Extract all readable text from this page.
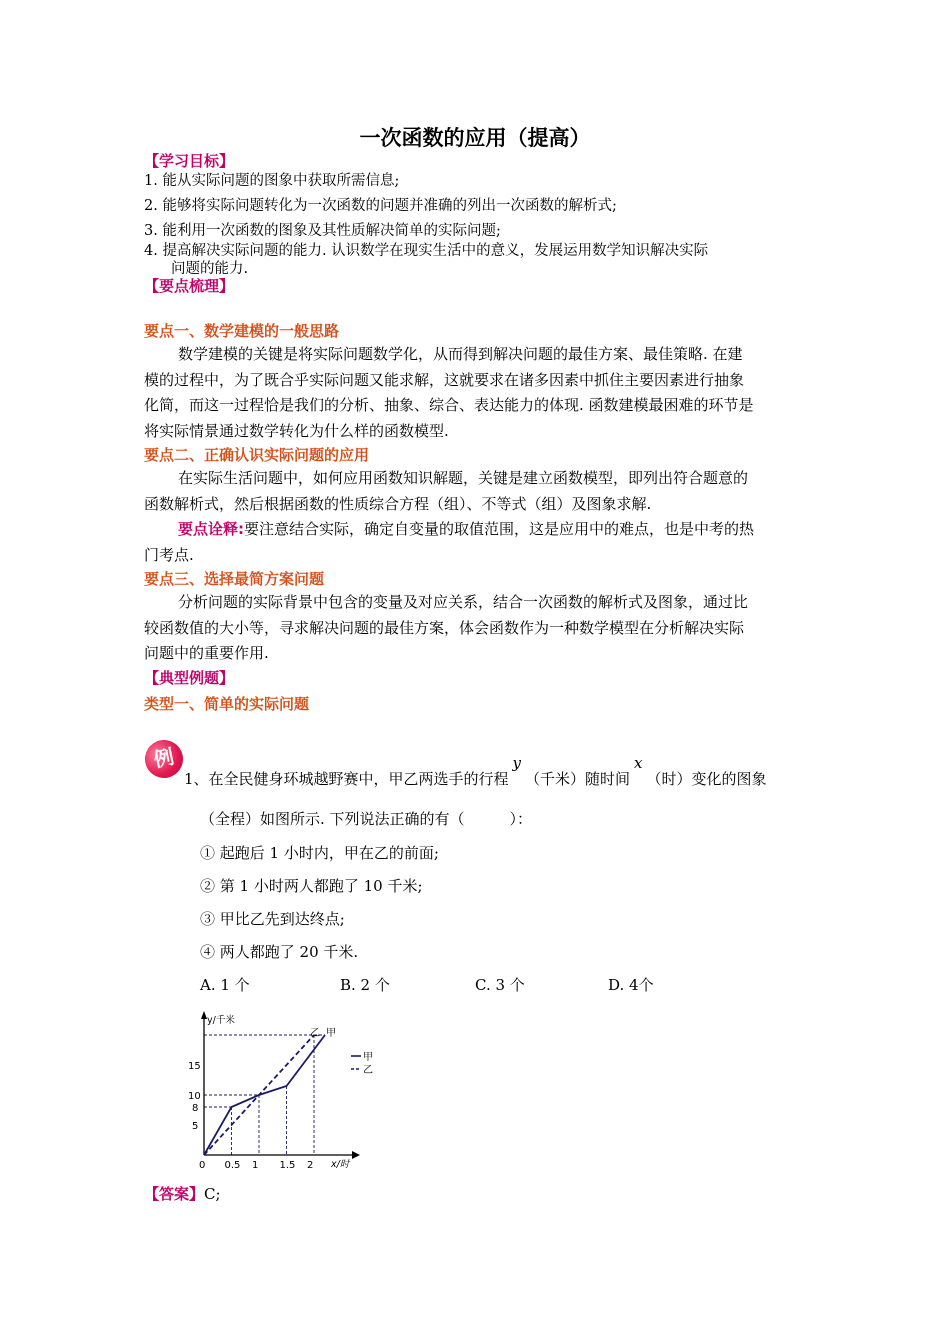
一次函数的应用（提高）
【学习目标】
1. 能从实际问题的图象中获取所需信息;
2. 能够将实际问题转化为一次函数的问题并准确的列出一次函数的解析式;
3. 能利用一次函数的图象及其性质解决简单的实际问题;
4. 提高解决实际问题的能力. 认识数学在现实生活中的意义，发展运用数学知识解决实际
问题的能力.
【要点梳理】
要点一、数学建模的一般思路
数学建模的关键是将实际问题数学化，从而得到解决问题的最佳方案、最佳策略. 在建
模的过程中，为了既合乎实际问题又能求解，这就要求在诸多因素中抓住主要因素进行抽象
化简，而这一过程恰是我们的分析、抽象、综合、表达能力的体现. 函数建模最困难的环节是
将实际情景通过数学转化为什么样的函数模型.
要点二、正确认识实际问题的应用
在实际生活问题中，如何应用函数知识解题，关键是建立函数模型，即列出符合题意的
函数解析式，然后根据函数的性质综合方程（组）、不等式（组）及图象求解.
要点诠释:要注意结合实际，确定自变量的取值范围，这是应用中的难点，也是中考的热
门考点.
要点三、选择最简方案问题
分析问题的实际背景中包含的变量及对应关系，结合一次函数的解析式及图象，通过比
较函数值的大小等，寻求解决问题的最佳方案，体会函数作为一种数学模型在分析解决实际
问题中的重要作用.
【典型例题】
类型一、简单的实际问题
例
1、在全民健身环城越野赛中，甲乙两选手的行程y（千米）随时间x（时）变化的图象
（全程）如图所示. 下列说法正确的有（　　　）：
① 起跑后 1 小时内，甲在乙的前面;
② 第 1 小时两人都跑了 10 千米;
③ 甲比乙先到达终点;
④ 两人都跑了 20 千米.
A. 1 个	B. 2 个	C. 3 个	D. 4个
0 0.5 1 1.5 2
5
8
10
15
y/千米
x/时
乙 甲
甲
乙
【答案】C;
